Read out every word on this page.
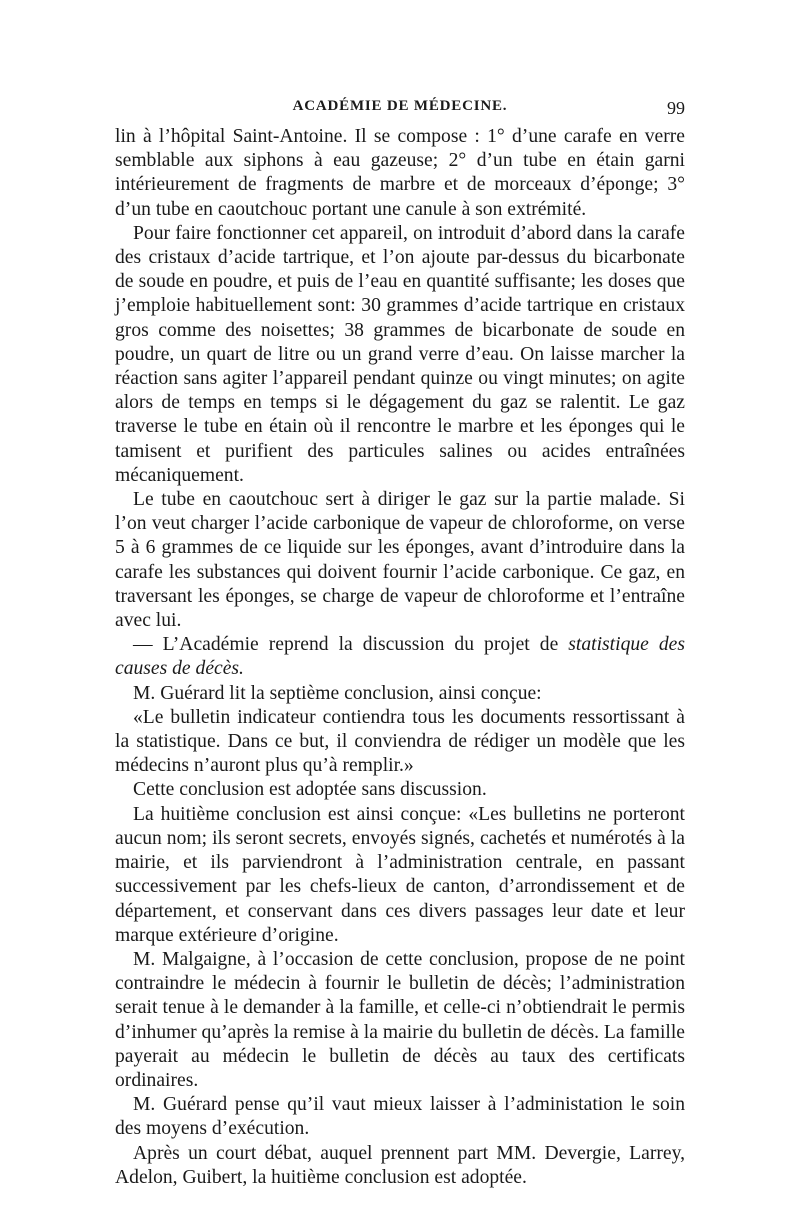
ACADÉMIE DE MÉDECINE.	99

lin à l’hôpital Saint-Antoine. Il se compose : 1° d’une carafe en verre semblable aux siphons à eau gazeuse; 2° d’un tube en étain garni intérieurement de fragments de marbre et de morceaux d’éponge; 3° d’un tube en caoutchouc portant une canule à son extrémité.

Pour faire fonctionner cet appareil, on introduit d’abord dans la carafe des cristaux d’acide tartrique, et l’on ajoute par-dessus du bicarbonate de soude en poudre, et puis de l’eau en quantité suffisante; les doses que j’emploie habituellement sont: 30 grammes d’acide tartrique en cristaux gros comme des noisettes; 38 grammes de bicarbonate de soude en poudre, un quart de litre ou un grand verre d’eau. On laisse marcher la réaction sans agiter l’appareil pendant quinze ou vingt minutes; on agite alors de temps en temps si le dégagement du gaz se ralentit. Le gaz traverse le tube en étain où il rencontre le marbre et les éponges qui le tamisent et purifient des particules salines ou acides entraînées mécaniquement.

Le tube en caoutchouc sert à diriger le gaz sur la partie malade. Si l’on veut charger l’acide carbonique de vapeur de chloroforme, on verse 5 à 6 grammes de ce liquide sur les éponges, avant d’introduire dans la carafe les substances qui doivent fournir l’acide carbonique. Ce gaz, en traversant les éponges, se charge de vapeur de chloroforme et l’entraîne avec lui.

— L’Académie reprend la discussion du projet de statistique des causes de décès.

M. Guérard lit la septième conclusion, ainsi conçue:

«Le bulletin indicateur contiendra tous les documents ressortissant à la statistique. Dans ce but, il conviendra de rédiger un modèle que les médecins n’auront plus qu’à remplir.»

Cette conclusion est adoptée sans discussion.

La huitième conclusion est ainsi conçue: «Les bulletins ne porteront aucun nom; ils seront secrets, envoyés signés, cachetés et numérotés à la mairie, et ils parviendront à l’administration centrale, en passant successivement par les chefs-lieux de canton, d’arrondissement et de département, et conservant dans ces divers passages leur date et leur marque extérieure d’origine.

M. Malgaigne, à l’occasion de cette conclusion, propose de ne point contraindre le médecin à fournir le bulletin de décès; l’administration serait tenue à le demander à la famille, et celle-ci n’obtiendrait le permis d’inhumer qu’après la remise à la mairie du bulletin de décès. La famille payerait au médecin le bulletin de décès au taux des certificats ordinaires.

M. Guérard pense qu’il vaut mieux laisser à l’administation le soin des moyens d’exécution.

Après un court débat, auquel prennent part MM. Devergie, Larrey, Adelon, Guibert, la huitième conclusion est adoptée.
